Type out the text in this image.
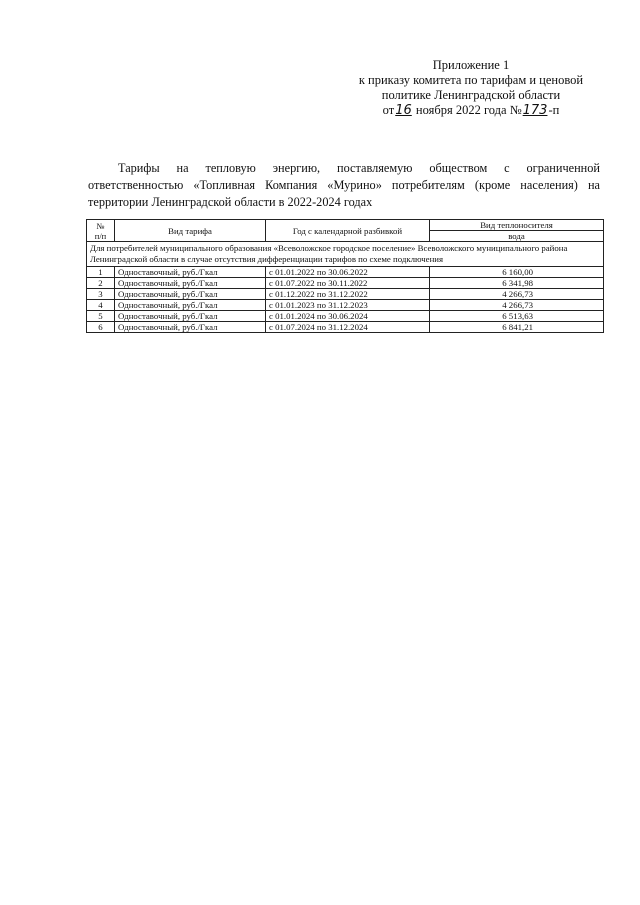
Приложение 1
к приказу комитета по тарифам и ценовой
политике Ленинградской области
от16 ноября 2022 года №173-п
Тарифы на тепловую энергию, поставляемую обществом с ограниченной ответственностью «Топливная Компания «Мурино» потребителям (кроме населения) на территории Ленинградской области в 2022-2024 годах
№
п/п	Вид тарифа	Год с календарной разбивкой	Вид теплоносителя
			вода
Для потребителей муниципального образования «Всеволожское городское поселение» Всеволожского муниципального района Ленинградской области в случае отсутствия дифференциации тарифов по схеме подключения			
1	Одноставочный, руб./Гкал	с 01.01.2022 по 30.06.2022	6 160,00
2	Одноставочный, руб./Гкал	с 01.07.2022 по 30.11.2022	6 341,98
3	Одноставочный, руб./Гкал	с 01.12.2022 по 31.12.2022	4 266,73
4	Одноставочный, руб./Гкал	с 01.01.2023 по 31.12.2023	4 266,73
5	Одноставочный, руб./Гкал	с 01.01.2024 по 30.06.2024	6 513,63
6	Одноставочный, руб./Гкал	с 01.07.2024 по 31.12.2024	6 841,21
